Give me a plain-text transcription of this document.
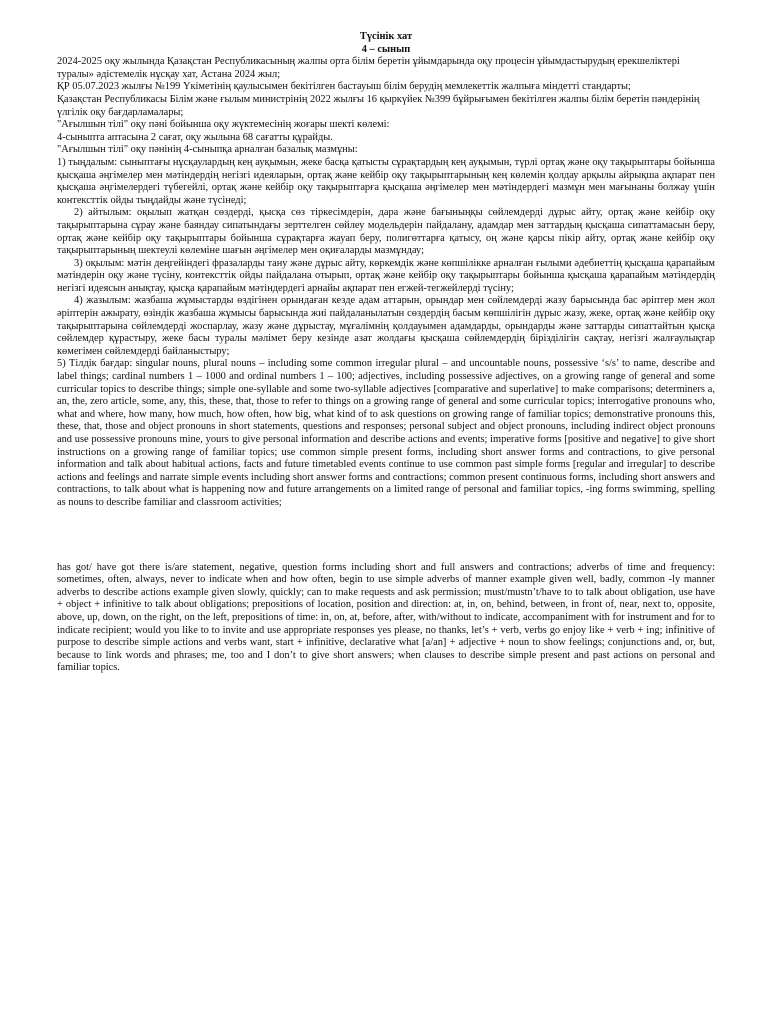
Түсінік хат

4 – сынып

2024-2025 оқу жылында Қазақстан Республикасының жалпы орта білім беретін ұйымдарында оқу процесін ұйымдастырудың ерекшеліктері туралы» әдістемелік нұсқау хат, Астана 2024 жыл;

ҚР 05.07.2023 жылғы №199 Үкіметінің қаулысымен бекітілген бастауыш білім берудің мемлекеттік жалпыға міндетті стандарты;

Қазақстан Республикасы Білім және ғылым министрінің 2022 жылғы 16 қыркүйек №399 бұйрығымен бекітілген жалпы білім беретін пәндерінің үлгілік оқу бағдарламалары;

"Ағылшын тілі" оқу пәні бойынша оқу жүктемесінің жоғары шекті көлемі:

4-сыныпта аптасына 2 сағат, оқу жылына 68 сағатты құрайды.

"Ағылшын тілі" оқу пәнінің 4-сыныпқа арналған базалық мазмұны:

1) тыңдалым: сыныптағы нұсқаулардың кең ауқымын, жеке басқа қатысты сұрақтардың кең ауқымын, түрлі ортақ және оқу тақырыптары бойынша қысқаша әңгімелер мен мәтіндердің негізгі идеяларын, ортақ және кейбір оқу тақырыптарының кең көлемін қолдау арқылы айрықша ақпарат пен қысқаша әңгімелердегі түбегейлі, ортақ және кейбір оқу тақырыптарға қысқаша әңгімелер мен мәтіндердегі мазмұн мен мағынаны болжау үшін контексттік ойды тыңдайды және түсінеді;

2) айтылым: оқылып жатқан сөздерді, қысқа сөз тіркесімдерін, дара және бағыныңқы сөйлемдерді дұрыс айту, ортақ және кейбір оқу тақырыптарына сұрау және баяндау сипатындағы зерттелген сөйлеу модельдерін пайдалану, адамдар мен заттардың қысқаша сипаттамасын беру, ортақ және кейбір оқу тақырыптары бойынша сұрақтарға жауап беру, полигөттарға қатысу, оң және қарсы пікір айту, ортақ және кейбір оқу тақырыптарының шектеулі көлеміне шағын әңгімелер мен оқиғаларды мазмұндау;

3) оқылым: мәтін деңгейіндегі фразаларды тану және дұрыс айту, көркемдік және көпшілікке арналған ғылыми әдебиеттің қысқаша қарапайым мәтіндерін оқу және түсіну, контексттік ойды пайдалана отырып, ортақ және кейбір оқу тақырыптары бойынша қысқаша қарапайым мәтіндердің негізгі идеясын анықтау, қысқа қарапайым мәтіндердегі арнайы ақпарат пен егжей-тегжейлерді түсіну;

4) жазылым: жазбаша жұмыстарды өздігінен орындаған кезде адам аттарын, орындар мен сөйлемдерді жазу барысында бас әріптер мен жол әріптерін ажырату, өзіндік жазбаша жұмысы барысында жиі пайдаланылатын сөздердің басым көпшілігін дұрыс жазу, жеке, ортақ және кейбір оқу тақырыптарына сөйлемдерді жоспарлау, жазу және дұрыстау, мұғалімнің қолдауымен адамдарды, орындарды және заттарды сипаттайтын қысқа сөйлемдер құрастыру, жеке басы туралы мәлімет беру кезінде азат жолдағы қысқаша сөйлемдердің бірізділігін сақтау, негізгі жалғаулықтар көмегімен сөйлемдерді байланыстыру;

5) Тілдік бағдар: singular nouns, plural nouns – including some common irregular plural – and uncountable nouns, possessive ‘s/s’ to name, describe and label things; cardinal numbers 1 – 1000 and ordinal numbers 1 – 100; adjectives, including possessive adjectives, on a growing range of general and some curricular topics to describe things; simple one-syllable and some two-syllable adjectives [comparative and superlative] to make comparisons; determiners a, an, the, zero article, some, any, this, these, that, those to refer to things on a growing range of general and some curricular topics; interrogative pronouns who, what and where, how many, how much, how often, how big, what kind of to ask questions on growing range of familiar topics; demonstrative pronouns this, these, that, those and object pronouns in short statements, questions and responses; personal subject and object pronouns, including indirect object pronouns and use possessive pronouns mine, yours to give personal information and describe actions and events; imperative forms [positive and negative] to give short instructions on a growing range of familiar topics; use common simple present forms, including short answer forms and contractions, to give personal information and talk about habitual actions, facts and future timetabled events continue to use common past simple forms [regular and irregular] to describe actions and feelings and narrate simple events including short answer forms and contractions; common present continuous forms, including short answers and contractions, to talk about what is happening now and future arrangements on a limited range of personal and familiar topics, -ing forms swimming, spelling as nouns to describe familiar and classroom activities;

has got/ have got there is/are statement, negative, question forms including short and full answers and contractions; adverbs of time and frequency: sometimes, often, always, never to indicate when and how often, begin to use simple adverbs of manner example given well, badly, common -ly manner adverbs to describe actions example given slowly, quickly; can to make requests and ask permission; must/mustn’t/have to to talk about obligation, use have + object + infinitive to talk about obligations; prepositions of location, position and direction: at, in, on, behind, between, in front of, near, next to, opposite, above, up, down, on the right, on the left, prepositions of time: in, on, at, before, after, with/without to indicate, accompaniment with for instrument and for to indicate recipient; would you like to to invite and use appropriate responses yes please, no thanks, let’s + verb, verbs go enjoy like + verb + ing; infinitive of purpose to describe simple actions and verbs want, start + infinitive, declarative what [a/an] + adjective + noun to show feelings; conjunctions and, or, but, because to link words and phrases; me, too and I don’t to give short answers; when clauses to describe simple present and past actions on personal and familiar topics.
